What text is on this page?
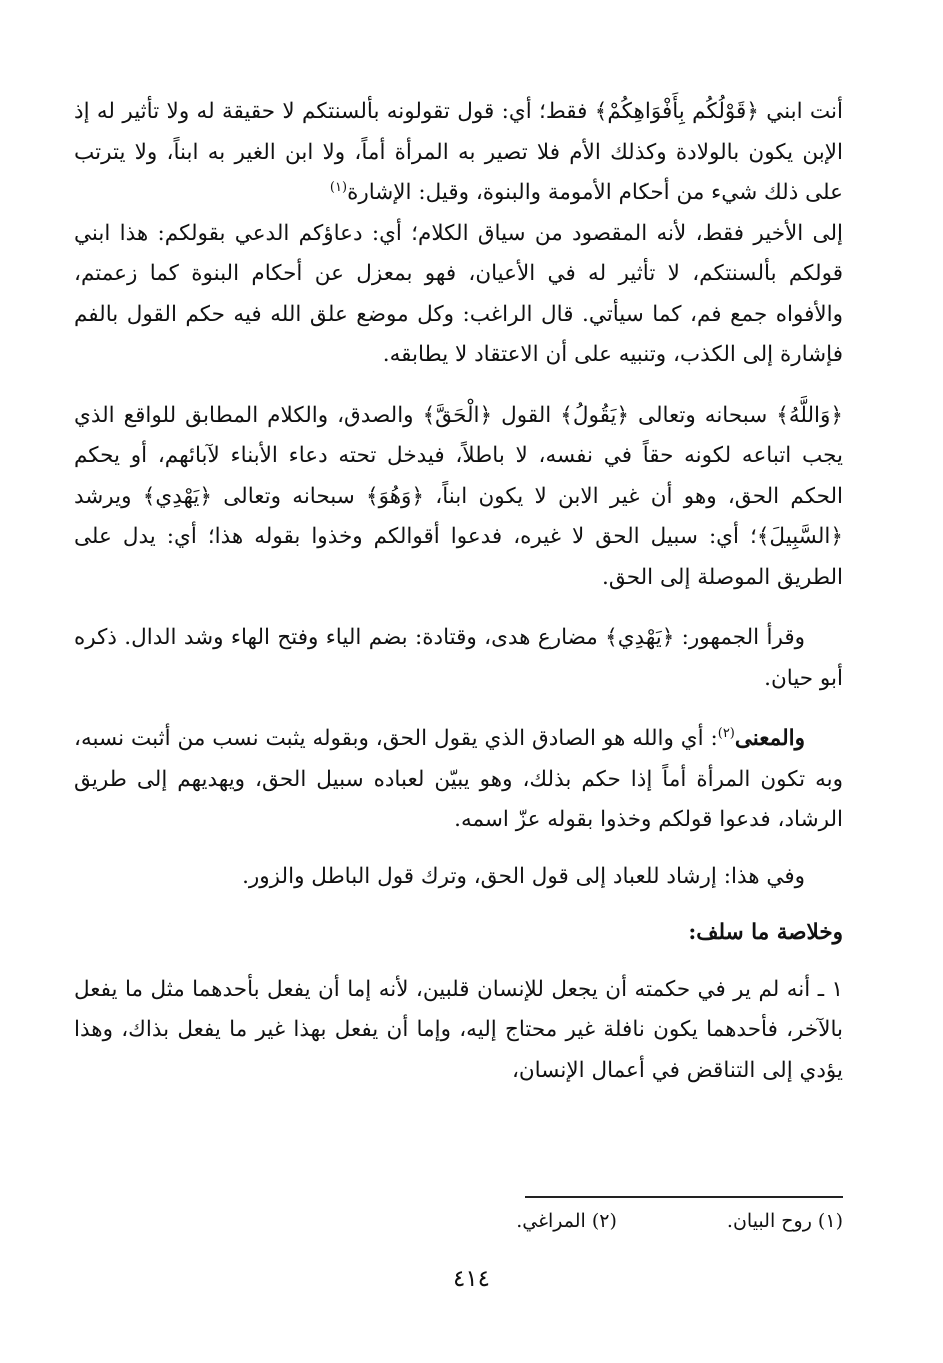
أنت ابني ﴿قَوْلُكُم بِأَفْوَاهِكُمْ﴾ فقط؛ أي: قول تقولونه بألسنتكم لا حقيقة له ولا تأثير له إذ الإبن يكون بالولادة وكذلك الأم فلا تصير به المرأة أماً، ولا ابن الغير به ابناً، ولا يترتب على ذلك شيء من أحكام الأمومة والبنوة، وقيل: الإشارة$^{(١)}$

إلى الأخير فقط، لأنه المقصود من سياق الكلام؛ أي: دعاؤكم الدعي بقولكم: هذا ابني قولكم بألسنتكم، لا تأثير له في الأعيان، فهو بمعزل عن أحكام البنوة كما زعمتم، والأفواه جمع فم، كما سيأتي. قال الراغب: وكل موضع علق الله فيه حكم القول بالفم فإشارة إلى الكذب، وتنبيه على أن الاعتقاد لا يطابقه.

﴿وَاللَّهُ﴾ سبحانه وتعالى ﴿يَقُولُ﴾ القول ﴿الْحَقَّ﴾ والصدق، والكلام المطابق للواقع الذي يجب اتباعه لكونه حقاً في نفسه، لا باطلاً، فيدخل تحته دعاء الأبناء لآبائهم، أو يحكم الحكم الحق، وهو أن غير الابن لا يكون ابناً، ﴿وَهُوَ﴾ سبحانه وتعالى ﴿يَهْدِي﴾ ويرشد ﴿السَّبِيلَ﴾؛ أي: سبيل الحق لا غيره، فدعوا أقوالكم وخذوا بقوله هذا؛ أي: يدل على الطريق الموصلة إلى الحق.

وقرأ الجمهور: ﴿يَهْدِي﴾ مضارع هدى، وقتادة: بضم الياء وفتح الهاء وشد الدال. ذكره أبو حيان.

والمعنى$^{(٢)}$: أي والله هو الصادق الذي يقول الحق، وبقوله يثبت نسب من أثبت نسبه، وبه تكون المرأة أماً إذا حكم بذلك، وهو يبيّن لعباده سبيل الحق، ويهديهم إلى طريق الرشاد، فدعوا قولكم وخذوا بقوله عزّ اسمه.

وفي هذا: إرشاد للعباد إلى قول الحق، وترك قول الباطل والزور.

وخلاصة ما سلف:

١ ـ أنه لم ير في حكمته أن يجعل للإنسان قلبين، لأنه إما أن يفعل بأحدهما مثل ما يفعل بالآخر، فأحدهما يكون نافلة غير محتاج إليه، وإما أن يفعل بهذا غير ما يفعل بذاك، وهذا يؤدي إلى التناقض في أعمال الإنسان،

(١) روح البيان.
(٢) المراغي.
٤١٤
